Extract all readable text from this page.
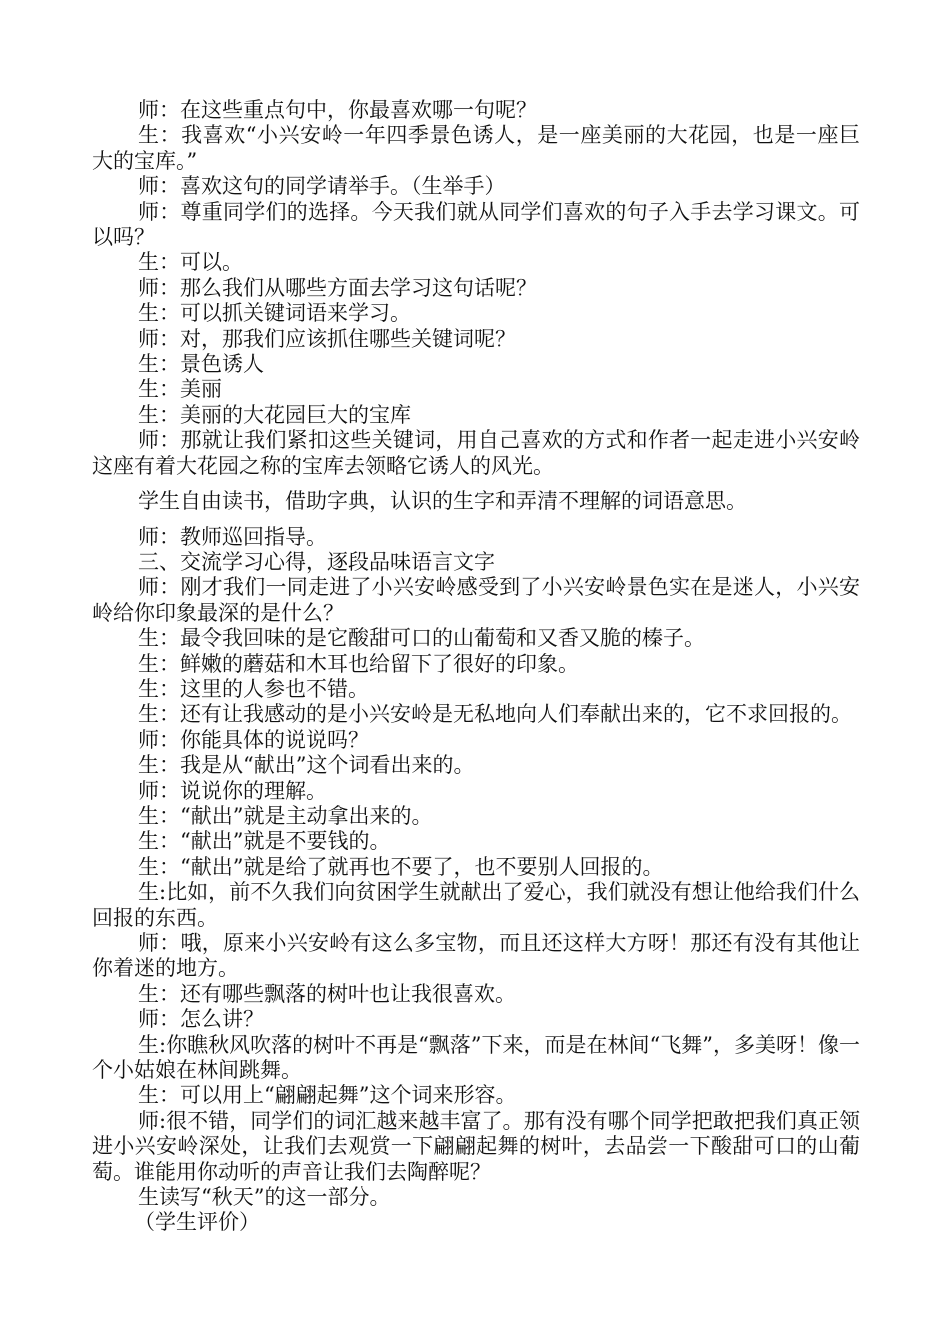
师：在这些重点句中，你最喜欢哪一句呢？

生：我喜欢“小兴安岭一年四季景色诱人，是一座美丽的大花园，也是一座巨大的宝库。”

师：喜欢这句的同学请举手。（生举手）

师：尊重同学们的选择。今天我们就从同学们喜欢的句子入手去学习课文。可以吗？

生：可以。

师：那么我们从哪些方面去学习这句话呢？

生：可以抓关键词语来学习。

师：对，那我们应该抓住哪些关键词呢？

生：景色诱人

生：美丽

生：美丽的大花园巨大的宝库

师：那就让我们紧扣这些关键词，用自己喜欢的方式和作者一起走进小兴安岭这座有着大花园之称的宝库去领略它诱人的风光。

学生自由读书，借助字典，认识的生字和弄清不理解的词语意思。

师：教师巡回指导。

三、交流学习心得，逐段品味语言文字

师：刚才我们一同走进了小兴安岭感受到了小兴安岭景色实在是迷人，小兴安岭给你印象最深的是什么？

生：最令我回味的是它酸甜可口的山葡萄和又香又脆的榛子。

生：鲜嫩的蘑菇和木耳也给留下了很好的印象。

生：这里的人参也不错。

生：还有让我感动的是小兴安岭是无私地向人们奉献出来的，它不求回报的。

师：你能具体的说说吗？

生：我是从“献出”这个词看出来的。

师：说说你的理解。

生：“献出”就是主动拿出来的。

生：“献出”就是不要钱的。

生：“献出”就是给了就再也不要了，也不要别人回报的。

生:比如，前不久我们向贫困学生就献出了爱心，我们就没有想让他给我们什么回报的东西。

师：哦，原来小兴安岭有这么多宝物，而且还这样大方呀！那还有没有其他让你着迷的地方。

生：还有哪些飘落的树叶也让我很喜欢。

师：怎么讲？

生:你瞧秋风吹落的树叶不再是“飘落”下来，而是在林间“飞舞”，多美呀！像一个小姑娘在林间跳舞。

生：可以用上“翩翩起舞”这个词来形容。

师:很不错，同学们的词汇越来越丰富了。那有没有哪个同学把敢把我们真正领进小兴安岭深处，让我们去观赏一下翩翩起舞的树叶，去品尝一下酸甜可口的山葡萄。谁能用你动听的声音让我们去陶醉呢？

生读写“秋天”的这一部分。

（学生评价）
